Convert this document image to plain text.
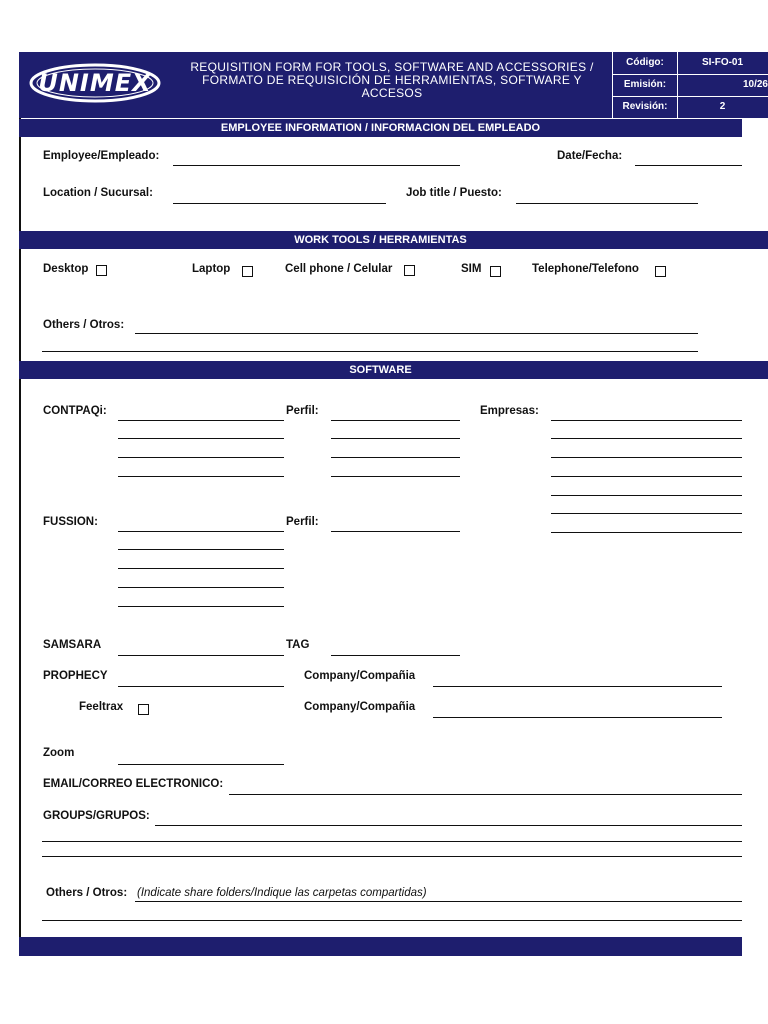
UNIMEX
REQUISITION FORM FOR TOOLS, SOFTWARE AND ACCESSORIES /
FORMATO DE REQUISICIÓN DE HERRAMIENTAS, SOFTWARE Y
ACCESOS
Código:	SI-FO-01
Emisión:	10/26
Revisión:	2
EMPLOYEE INFORMATION / INFORMACION DEL EMPLEADO
Employee/Empleado:	Date/Fecha:
Location / Sucursal:	Job title / Puesto:
WORK TOOLS / HERRAMIENTAS
Desktop	Laptop	Cell phone / Celular	SIM	Telephone/Telefono
Others / Otros:
SOFTWARE
CONTPAQi:	Perfil:	Empresas:
FUSSION:	Perfil:
SAMSARA	TAG
PROPHECY	Company/Compañia
Feeltrax	Company/Compañia
Zoom
EMAIL/CORREO ELECTRONICO:
GROUPS/GRUPOS:
Others / Otros: (Indicate share folders/Indique las carpetas compartidas)
